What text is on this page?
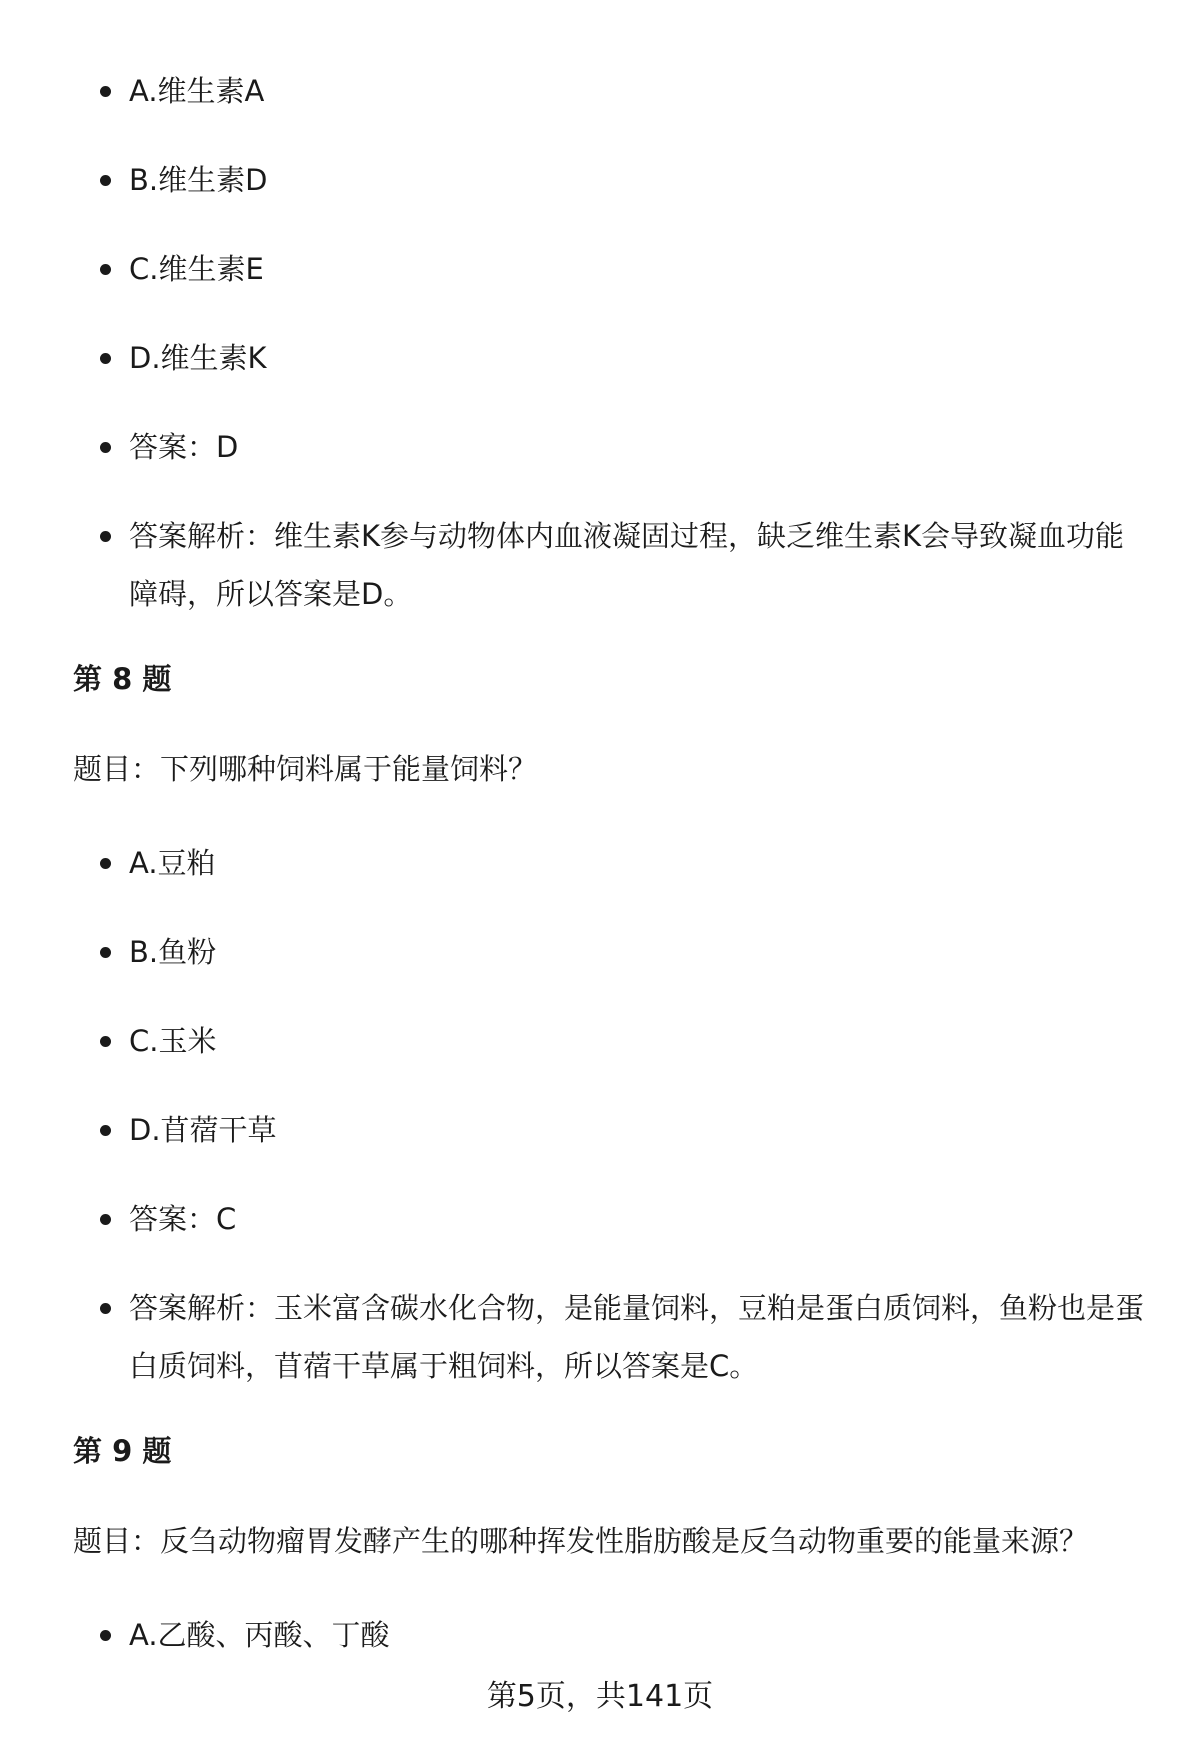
A.维生素A
B.维生素D
C.维生素E
D.维生素K
答案：D
答案解析：维生素K参与动物体内血液凝固过程，缺乏维生素K会导致凝血功能障碍，所以答案是D。
第 8 题
题目：下列哪种饲料属于能量饲料？
A.豆粕
B.鱼粉
C.玉米
D.苜蓿干草
答案：C
答案解析：玉米富含碳水化合物，是能量饲料，豆粕是蛋白质饲料，鱼粉也是蛋白质饲料，苜蓿干草属于粗饲料，所以答案是C。
第 9 题
题目：反刍动物瘤胃发酵产生的哪种挥发性脂肪酸是反刍动物重要的能量来源？
A.乙酸、丙酸、丁酸
第5页，共141页
